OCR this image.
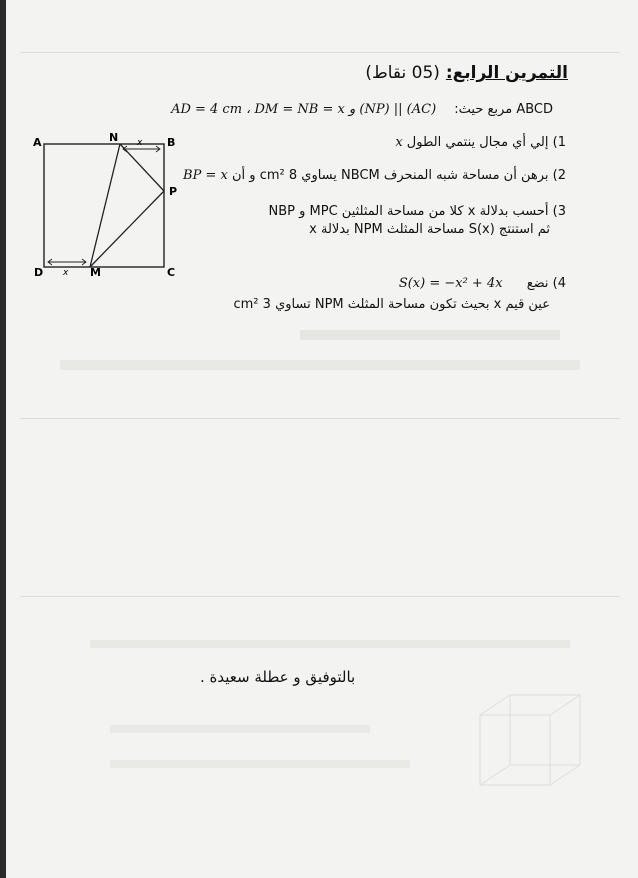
التمرين الرابع: (05 نقاط)
AD = 4 cm ، DM = NB = x و (NP) || (AC) ABCD مربع حيث:
1) إلي أي مجال ينتمي الطول x
2) برهن أن مساحة شبه المنحرف NBCM يساوي 8 cm² و أن BP = x
3) أحسب بدلالة x كلا من مساحة المثلثين MPC و NBP
ثم استنتج S(x) مساحة المثلث NPM بدلالة x
4) نضع S(x) = −x² + 4x
عين قيم x بحيث تكون مساحة المثلث NPM تساوي 3 cm²
A	N	B
P
C
M
D
x
x
بالتوفيق و عطلة سعيدة .
